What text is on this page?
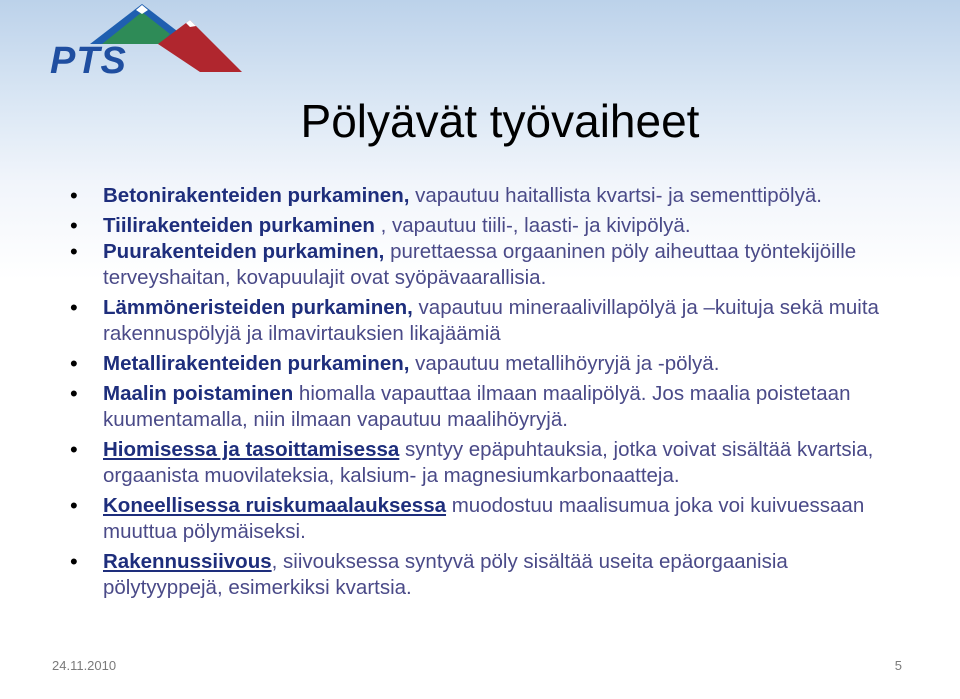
PTS
Pölyävät työvaiheet
• Betonirakenteiden purkaminen, vapautuu haitallista kvartsi- ja sementtipölyä.
• Tiilirakenteiden purkaminen , vapautuu tiili-, laasti- ja kivipölyä.
• Puurakenteiden purkaminen, purettaessa orgaaninen pöly aiheuttaa työntekijöille terveyshaitan, kovapuulajit ovat syöpävaarallisia.
• Lämmöneristeiden purkaminen, vapautuu mineraalivillapölyä ja –kuituja sekä muita rakennuspölyjä ja ilmavirtauksien likajäämiä
• Metallirakenteiden purkaminen, vapautuu metallihöyryjä ja -pölyä.
• Maalin poistaminen hiomalla vapauttaa ilmaan maalipölyä. Jos maalia poistetaan kuumentamalla, niin ilmaan vapautuu maalihöyryjä.
• Hiomisessa ja tasoittamisessa syntyy epäpuhtauksia, jotka voivat sisältää kvartsia, orgaanista muovilateksia, kalsium- ja magnesiumkarbonaatteja.
• Koneellisessa ruiskumaalauksessa muodostuu maalisumua joka voi kuivuessaan muuttua pölymäiseksi.
• Rakennussiivous, siivouksessa syntyvä pöly sisältää useita epäorgaanisia pölytyyppejä, esimerkiksi kvartsia.
24.11.2010	5
